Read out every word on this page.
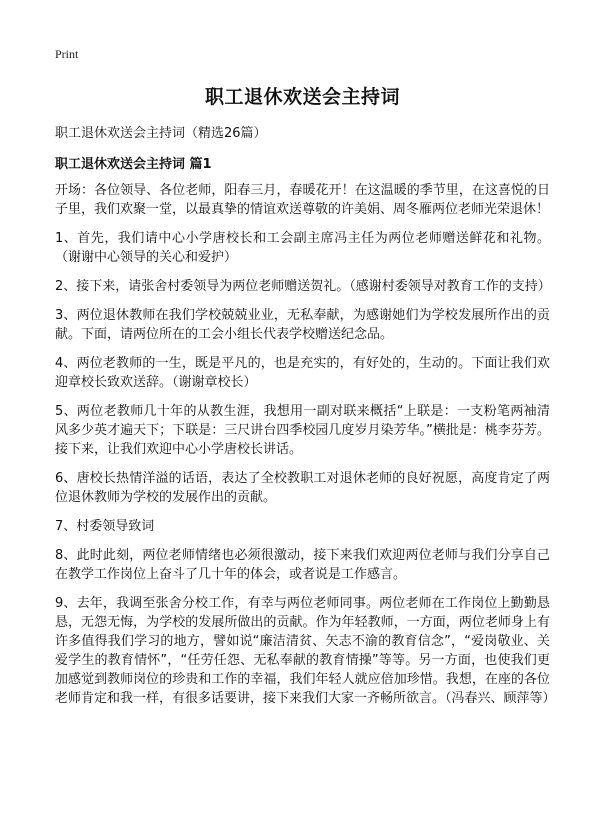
Print

职工退休欢送会主持词

职工退休欢送会主持词（精选26篇）

职工退休欢送会主持词 篇1

开场：各位领导、各位老师，阳春三月，春暖花开！在这温暖的季节里，在这喜悦的日子里，我们欢聚一堂，以最真挚的情谊欢送尊敬的许美娟、周冬雁两位老师光荣退休！

1、首先，我们请中心小学唐校长和工会副主席冯主任为两位老师赠送鲜花和礼物。（谢谢中心领导的关心和爱护）

2、接下来，请张舍村委领导为两位老师赠送贺礼。（感谢村委领导对教育工作的支持）

3、两位退休教师在我们学校兢兢业业，无私奉献，为感谢她们为学校发展所作出的贡献。下面，请两位所在的工会小组长代表学校赠送纪念品。

4、两位老教师的一生，既是平凡的，也是充实的，有好处的，生动的。下面让我们欢迎章校长致欢送辞。（谢谢章校长）

5、两位老教师几十年的从教生涯，我想用一副对联来概括“上联是：一支粉笔两袖清风多少英才遍天下；下联是：三尺讲台四季校园几度岁月染芳华。”横批是：桃李芬芳。接下来，让我们欢迎中心小学唐校长讲话。

6、唐校长热情洋溢的话语，表达了全校教职工对退休老师的良好祝愿，高度肯定了两位退休教师为学校的发展作出的贡献。

7、村委领导致词

8、此时此刻，两位老师情绪也必须很激动，接下来我们欢迎两位老师与我们分享自己在教学工作岗位上奋斗了几十年的体会，或者说是工作感言。

9、去年，我调至张舍分校工作，有幸与两位老师同事。两位老师在工作岗位上勤勤恳恳，无怨无悔，为学校的发展所做出的贡献。作为年轻教师，一方面，两位老师身上有许多值得我们学习的地方，譬如说“廉洁清贫、矢志不渝的教育信念”，“爱岗敬业、关爱学生的教育情怀”，“任劳任怨、无私奉献的教育情操”等等。另一方面，也使我们更加感觉到教师岗位的珍贵和工作的幸福，我们年轻人就应倍加珍惜。我想，在座的各位老师肯定和我一样，有很多话要讲，接下来我们大家一齐畅所欲言。（冯春兴、顾萍等）
